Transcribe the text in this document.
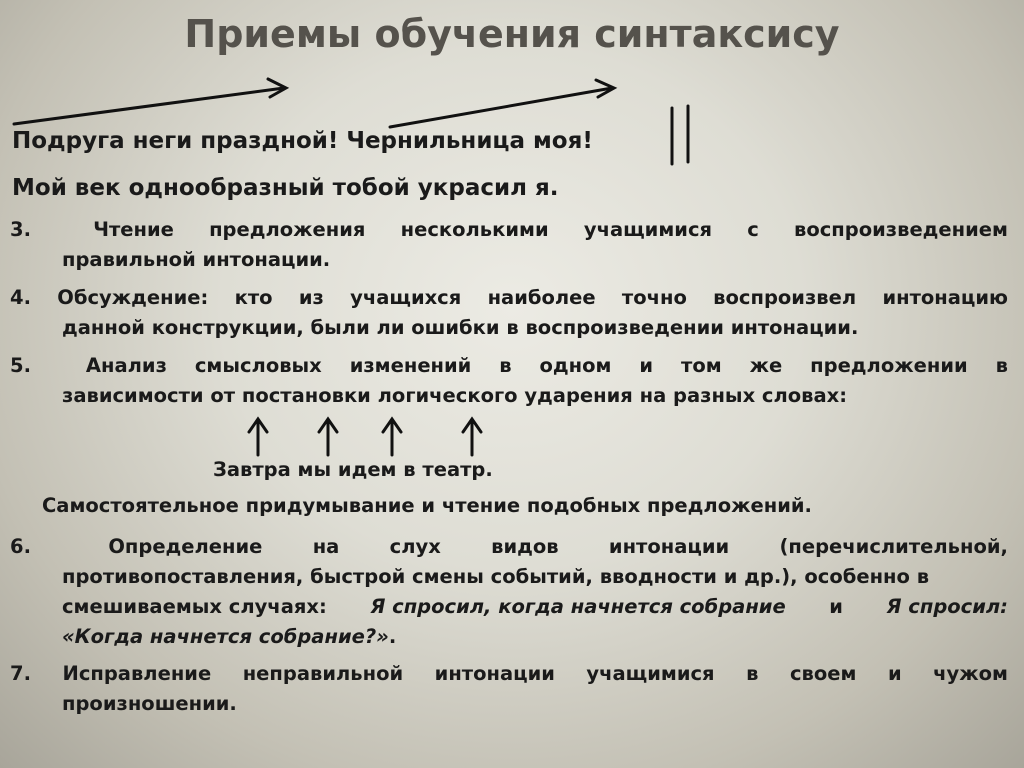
Приемы обучения синтаксису
Подруга неги праздной! Чернильница моя!
Мой век однообразный тобой украсил я.
3.	Чтение предложения несколькими учащимися с воспроизведением
правильной интонации.
4. Обсуждение: кто из учащихся наиболее точно воспроизвел интонацию
данной конструкции, были ли ошибки в воспроизведении интонации.
5.	Анализ смысловых изменений в одном и том же предложении в
зависимости от постановки логического ударения на разных словах:
Завтра мы идем в театр.
Самостоятельное придумывание и чтение подобных предложений.
6.	Определение	на	слух	видов	интонации	(перечислительной,
противопоставления, быстрой смены событий, вводности и др.), особенно в
смешиваемых случаях: Я спросил, когда начнется собрание и Я спросил:
«Когда начнется собрание?».
7. Исправление неправильной интонации учащимися в своем и чужом
произношении.
